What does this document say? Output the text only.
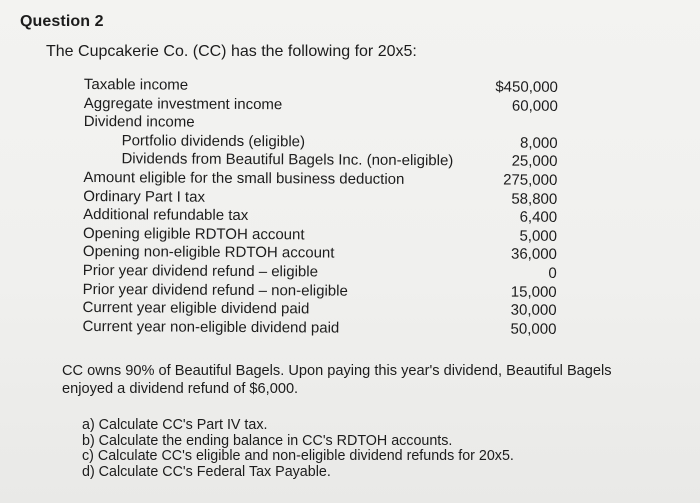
Question 2
The Cupcakerie Co. (CC) has the following for 20x5:
Taxable income	$450,000
Aggregate investment income	60,000
Dividend income
Portfolio dividends (eligible)	8,000
Dividends from Beautiful Bagels Inc. (non-eligible)	25,000
Amount eligible for the small business deduction	275,000
Ordinary Part I tax	58,800
Additional refundable tax	6,400
Opening eligible RDTOH account	5,000
Opening non-eligible RDTOH account	36,000
Prior year dividend refund – eligible	0
Prior year dividend refund – non-eligible	15,000
Current year eligible dividend paid	30,000
Current year non-eligible dividend paid	50,000
CC owns 90% of Beautiful Bagels. Upon paying this year's dividend, Beautiful Bagels
enjoyed a dividend refund of $6,000.
a) Calculate CC's Part IV tax.
b) Calculate the ending balance in CC's RDTOH accounts.
c) Calculate CC's eligible and non-eligible dividend refunds for 20x5.
d) Calculate CC's Federal Tax Payable.
